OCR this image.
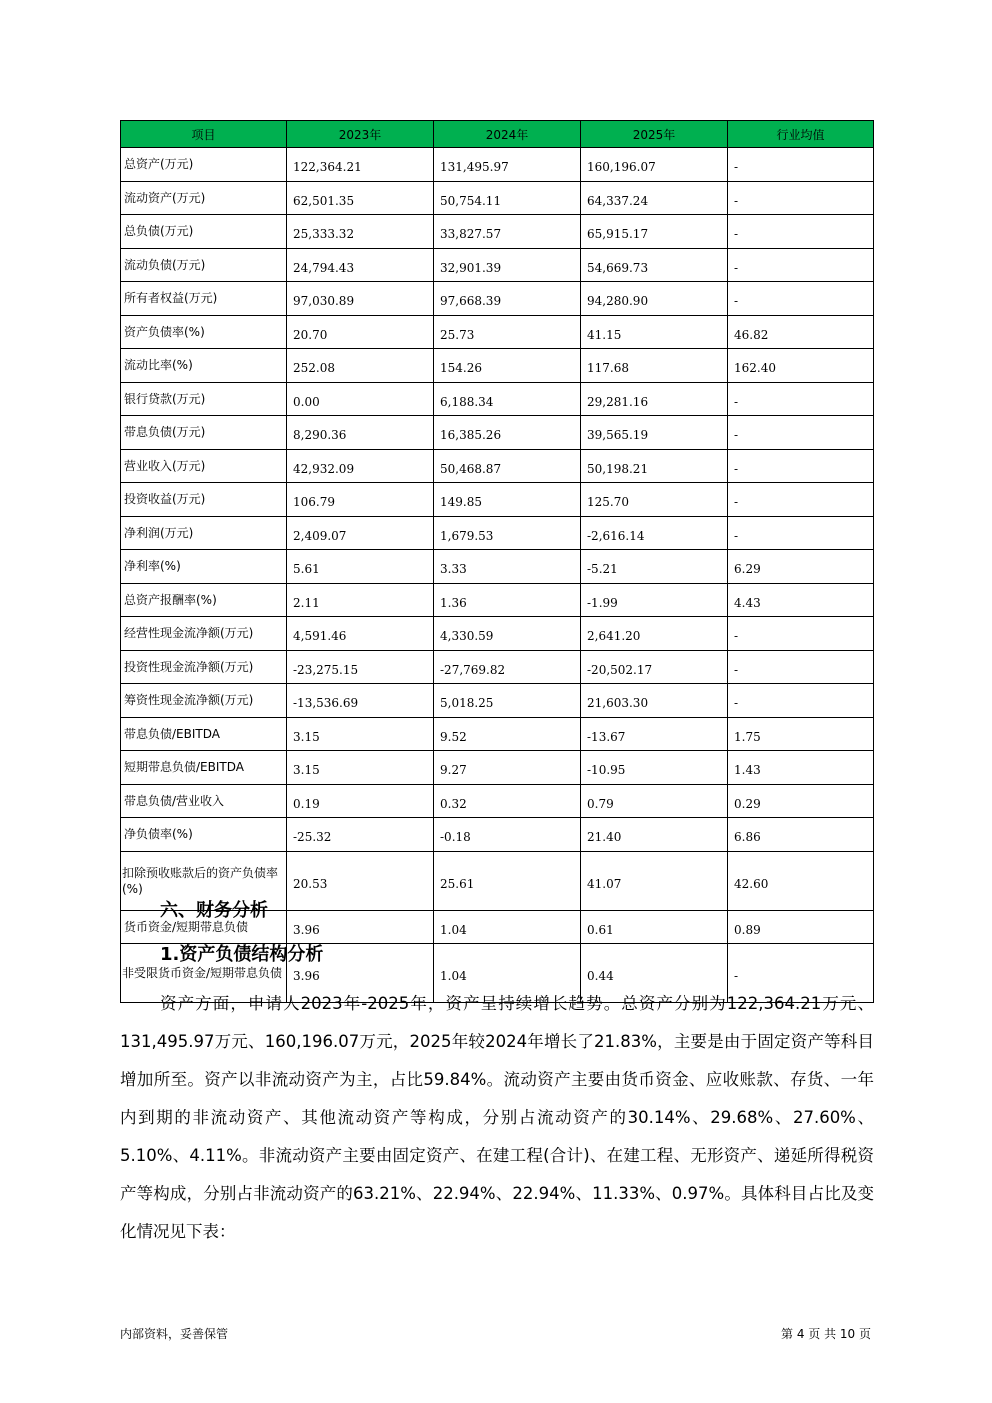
项目	2023年	2024年	2025年	行业均值
总资产(万元)	122,364.21	131,495.97	160,196.07	-
流动资产(万元)	62,501.35	50,754.11	64,337.24	-
总负债(万元)	25,333.32	33,827.57	65,915.17	-
流动负债(万元)	24,794.43	32,901.39	54,669.73	-
所有者权益(万元)	97,030.89	97,668.39	94,280.90	-
资产负债率(%)	20.70	25.73	41.15	46.82
流动比率(%)	252.08	154.26	117.68	162.40
银行贷款(万元)	0.00	6,188.34	29,281.16	-
带息负债(万元)	8,290.36	16,385.26	39,565.19	-
营业收入(万元)	42,932.09	50,468.87	50,198.21	-
投资收益(万元)	106.79	149.85	125.70	-
净利润(万元)	2,409.07	1,679.53	-2,616.14	-
净利率(%)	5.61	3.33	-5.21	6.29
总资产报酬率(%)	2.11	1.36	-1.99	4.43
经营性现金流净额(万元)	4,591.46	4,330.59	2,641.20	-
投资性现金流净额(万元)	-23,275.15	-27,769.82	-20,502.17	-
筹资性现金流净额(万元)	-13,536.69	5,018.25	21,603.30	-
带息负债/EBITDA	3.15	9.52	-13.67	1.75
短期带息负债/EBITDA	3.15	9.27	-10.95	1.43
带息负债/营业收入	0.19	0.32	0.79	0.29
净负债率(%)	-25.32	-0.18	21.40	6.86
扣除预收账款后的资产负债率(%)	20.53	25.61	41.07	42.60
货币资金/短期带息负债	3.96	1.04	0.61	0.89
非受限货币资金/短期带息负债	3.96	1.04	0.44	-
六、财务分析
1.资产负债结构分析
资产方面，申请人2023年-2025年，资产呈持续增长趋势。总资产分别为122,364.21万元、131,495.97万元、160,196.07万元，2025年较2024年增长了21.83%，主要是由于固定资产等科目增加所至。资产以非流动资产为主，占比59.84%。流动资产主要由货币资金、应收账款、存货、一年内到期的非流动资产、其他流动资产等构成，分别占流动资产的30.14%、29.68%、27.60%、5.10%、4.11%。非流动资产主要由固定资产、在建工程(合计)、在建工程、无形资产、递延所得税资产等构成，分别占非流动资产的63.21%、22.94%、22.94%、11.33%、0.97%。具体科目占比及变化情况见下表：
内部资料，妥善保管	第 4 页 共 10 页
